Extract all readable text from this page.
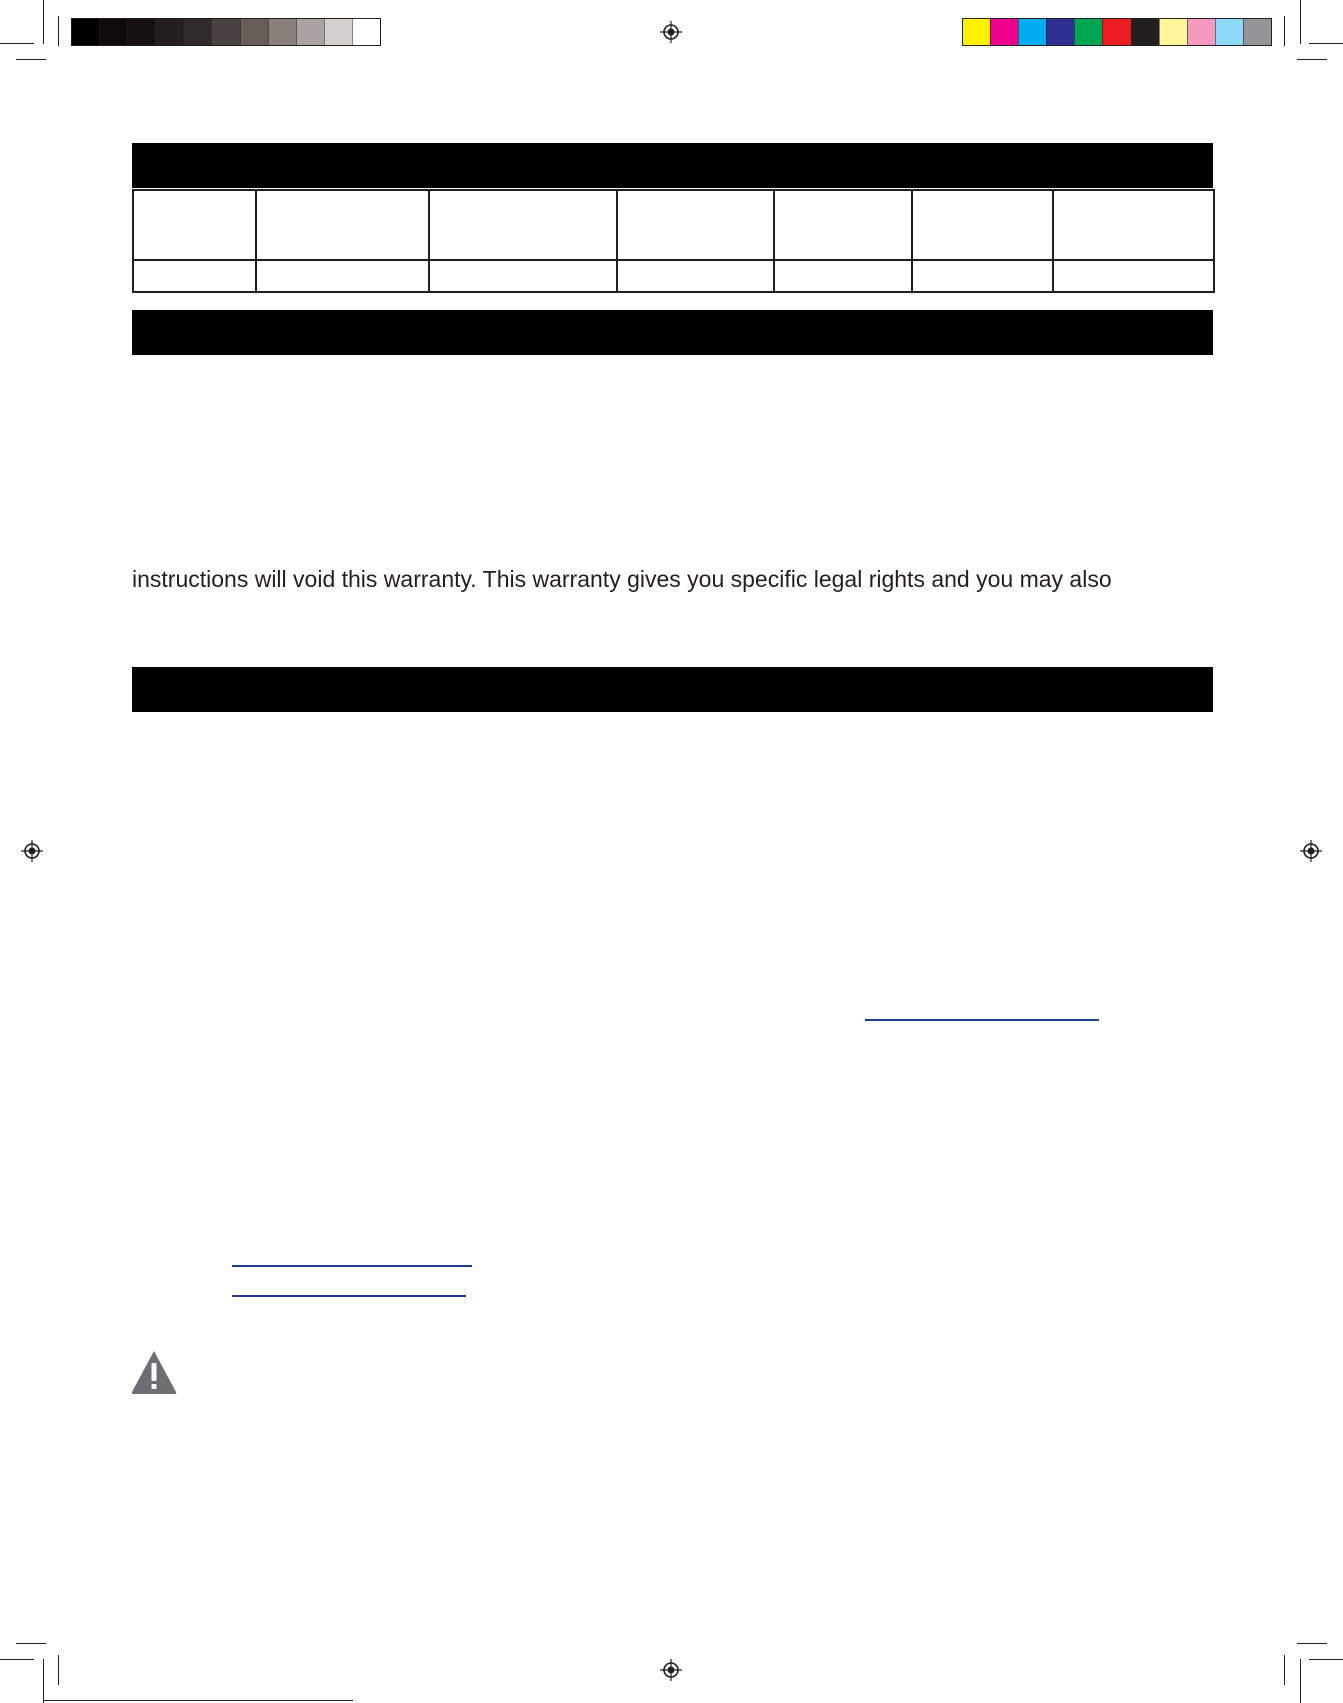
instructions will void this warranty. This warranty gives you specific legal rights and you may also
